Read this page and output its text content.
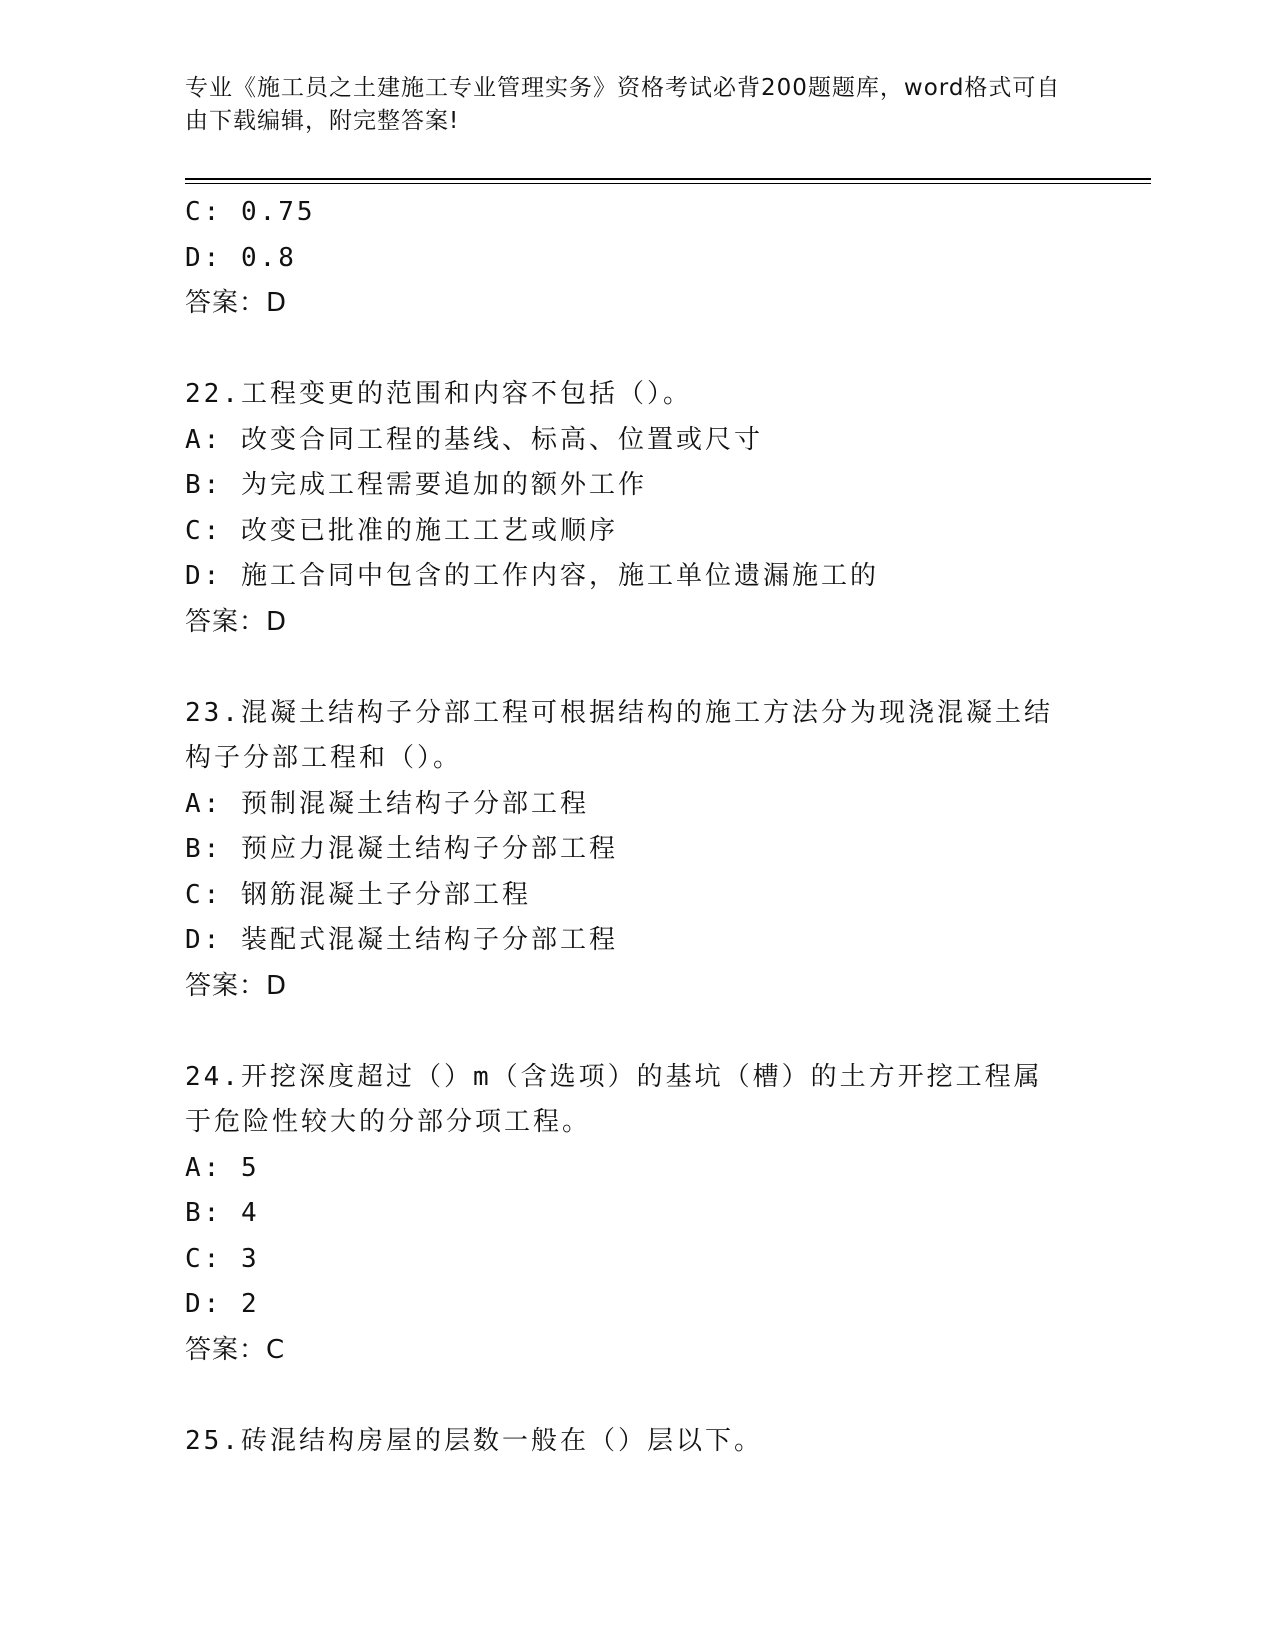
专业《施工员之土建施工专业管理实务》资格考试必背200题题库，word格式可自由下载编辑，附完整答案!
C: 0.75
D: 0.8
答案：D
22.工程变更的范围和内容不包括（）。
A: 改变合同工程的基线、标高、位置或尺寸
B: 为完成工程需要追加的额外工作
C: 改变已批准的施工工艺或顺序
D: 施工合同中包含的工作内容，施工单位遗漏施工的
答案：D
23.混凝土结构子分部工程可根据结构的施工方法分为现浇混凝土结构子分部工程和（）。
A: 预制混凝土结构子分部工程
B: 预应力混凝土结构子分部工程
C: 钢筋混凝土子分部工程
D: 装配式混凝土结构子分部工程
答案：D
24.开挖深度超过（）m（含选项）的基坑（槽）的土方开挖工程属于危险性较大的分部分项工程。
A: 5
B: 4
C: 3
D: 2
答案：C
25.砖混结构房屋的层数一般在（）层以下。
